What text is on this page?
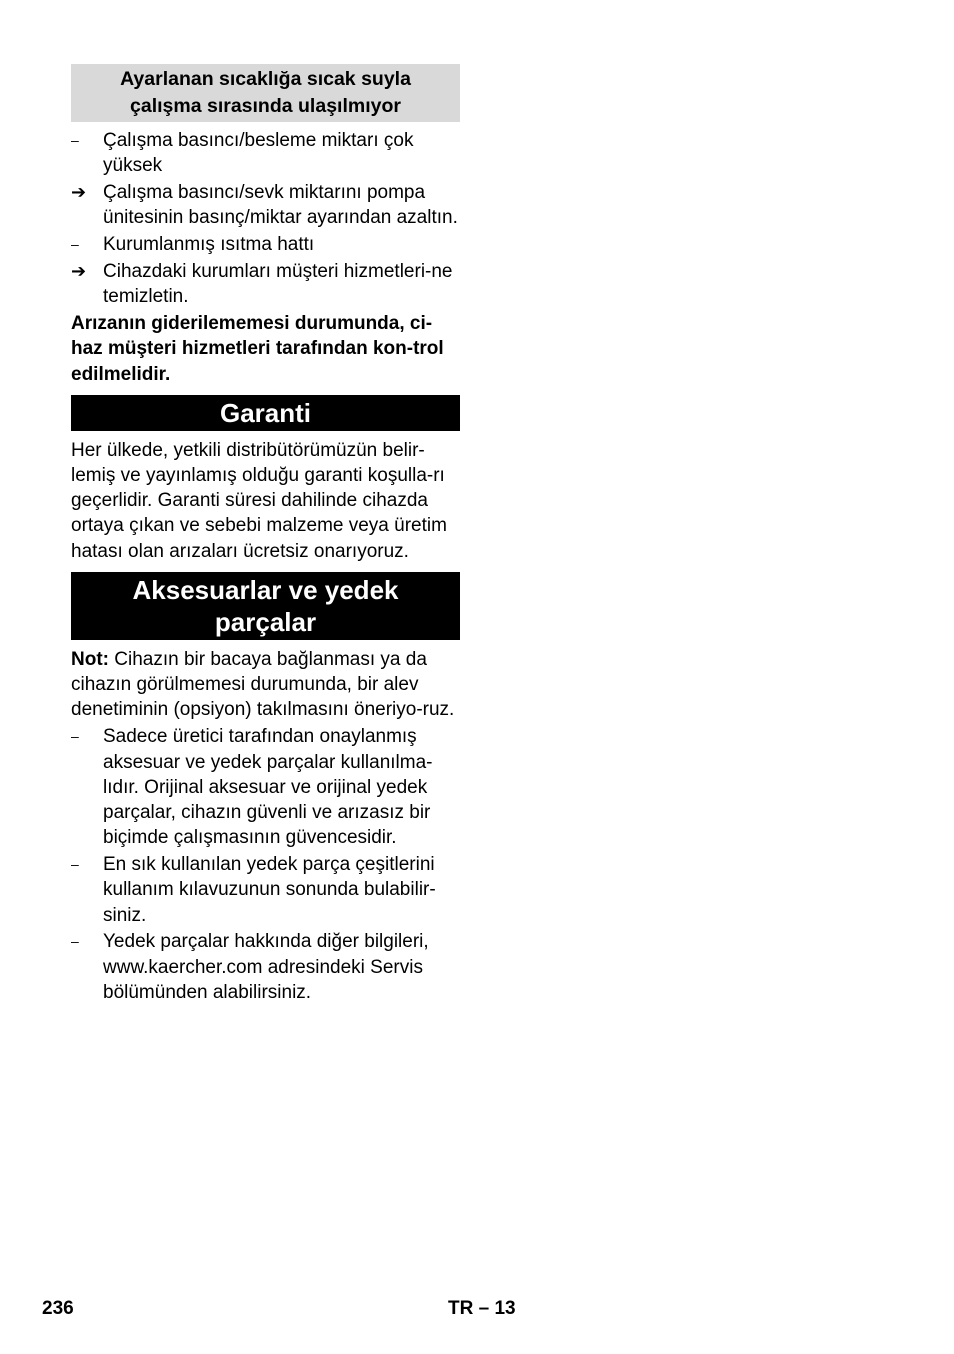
Ayarlanan sıcaklığa sıcak suyla
çalışma sırasında ulaşılmıyor
–	Çalışma basıncı/besleme miktarı çok yüksek
➔ Çalışma basıncı/sevk miktarını pompa ünitesinin basınç/miktar ayarından azaltın.
–	Kurumlanmış ısıtma hattı
➔ Cihazdaki kurumları müşteri hizmetleri-ne temizletin.

Arızanın giderilememesi durumunda, ci-haz müşteri hizmetleri tarafından kon-trol edilmelidir.

Garanti

Her ülkede, yetkili distribütörümüzün belir-lemiş ve yayınlamış olduğu garanti koşulla-rı geçerlidir. Garanti süresi dahilinde cihazda ortaya çıkan ve sebebi malzeme veya üretim hatası olan arızaları ücretsiz onarıyoruz.

Aksesuarlar ve yedek
parçalar

Not: Cihazın bir bacaya bağlanması ya da cihazın görülmemesi durumunda, bir alev denetiminin (opsiyon) takılmasını öneriyo-ruz.

–	Sadece üretici tarafından onaylanmış aksesuar ve yedek parçalar kullanılma-lıdır. Orijinal aksesuar ve orijinal yedek parçalar, cihazın güvenli ve arızasız bir biçimde çalışmasının güvencesidir.
–	En sık kullanılan yedek parça çeşitlerini kullanım kılavuzunun sonunda bulabilir-siniz.
–	Yedek parçalar hakkında diğer bilgileri, www.kaercher.com adresindeki Servis bölümünden alabilirsiniz.
236	TR – 13
